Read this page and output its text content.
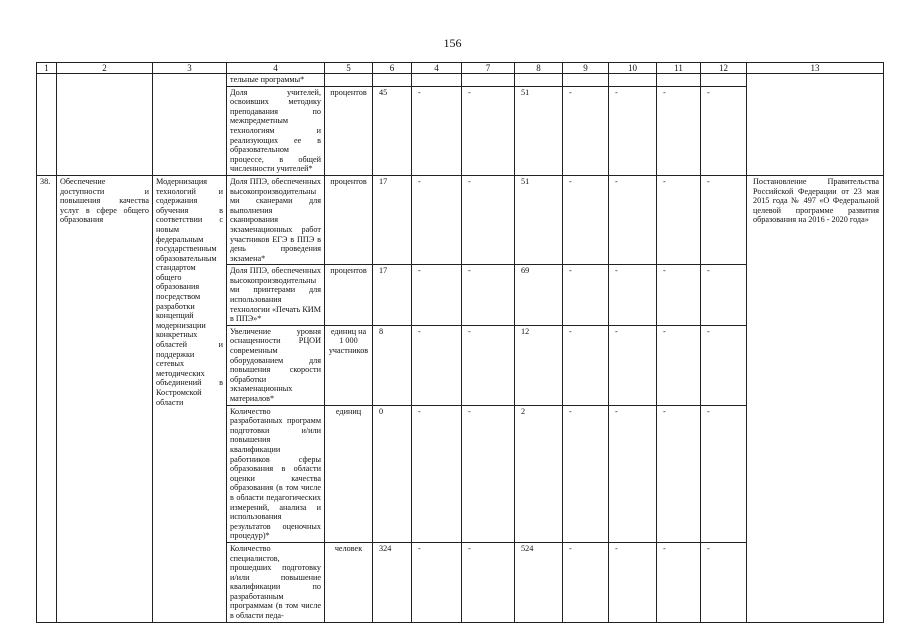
156
1	2	3	4	5	6	4	7	8	9	10	11	12	13
			тельные программы*										
			Доля учителей, освоивших методику преподавания по межпредметным технологиям и реализующих ее в образовательном процессе, в общей численности учителей*	процентов	45	-	-	51	-	-	-	-	
38.	Обеспечение доступности и повышения качества услуг в сфере общего образования	Модернизация технологий и содержания обучения в соответствии с новым федеральным государственным образовательным стандартом общего образования посредством разработки концепций модернизации конкретных областей и поддержки сетевых методических объединений в Костромской области	Доля ППЭ, обеспеченных высокопроизводительными сканерами для выполнения сканирования экзаменационных работ участников ЕГЭ в ППЭ в день проведения экзамена*	процентов	17	-	-	51	-	-	-	-	Постановление Правительства Российской Федерации от 23 мая 2015 года № 497 «О Федеральной целевой программе развития образования на 2016 - 2020 года»
			Доля ППЭ, обеспеченных высокопроизводительными принтерами для использования технологии «Печать КИМ в ППЭ»*	процентов	17	-	-	69	-	-	-	-	
			Увеличение уровня оснащенности РЦОИ современным оборудованием для повышения скорости обработки экзаменационных материалов*	единиц на 1 000 участников	8	-	-	12	-	-	-	-	
			Количество разработанных программ подготовки и/или повышения квалификации работников сферы образования в области оценки качества образования (в том числе в области педагогических измерений, анализа и использования результатов оценочных процедур)*	единиц	0	-	-	2	-	-	-	-	
			Количество специалистов, прошедших подготовку и/или повышение квалификации по разработанным программам (в том числе в области педа-	человек	324	-	-	524	-	-	-	-	
